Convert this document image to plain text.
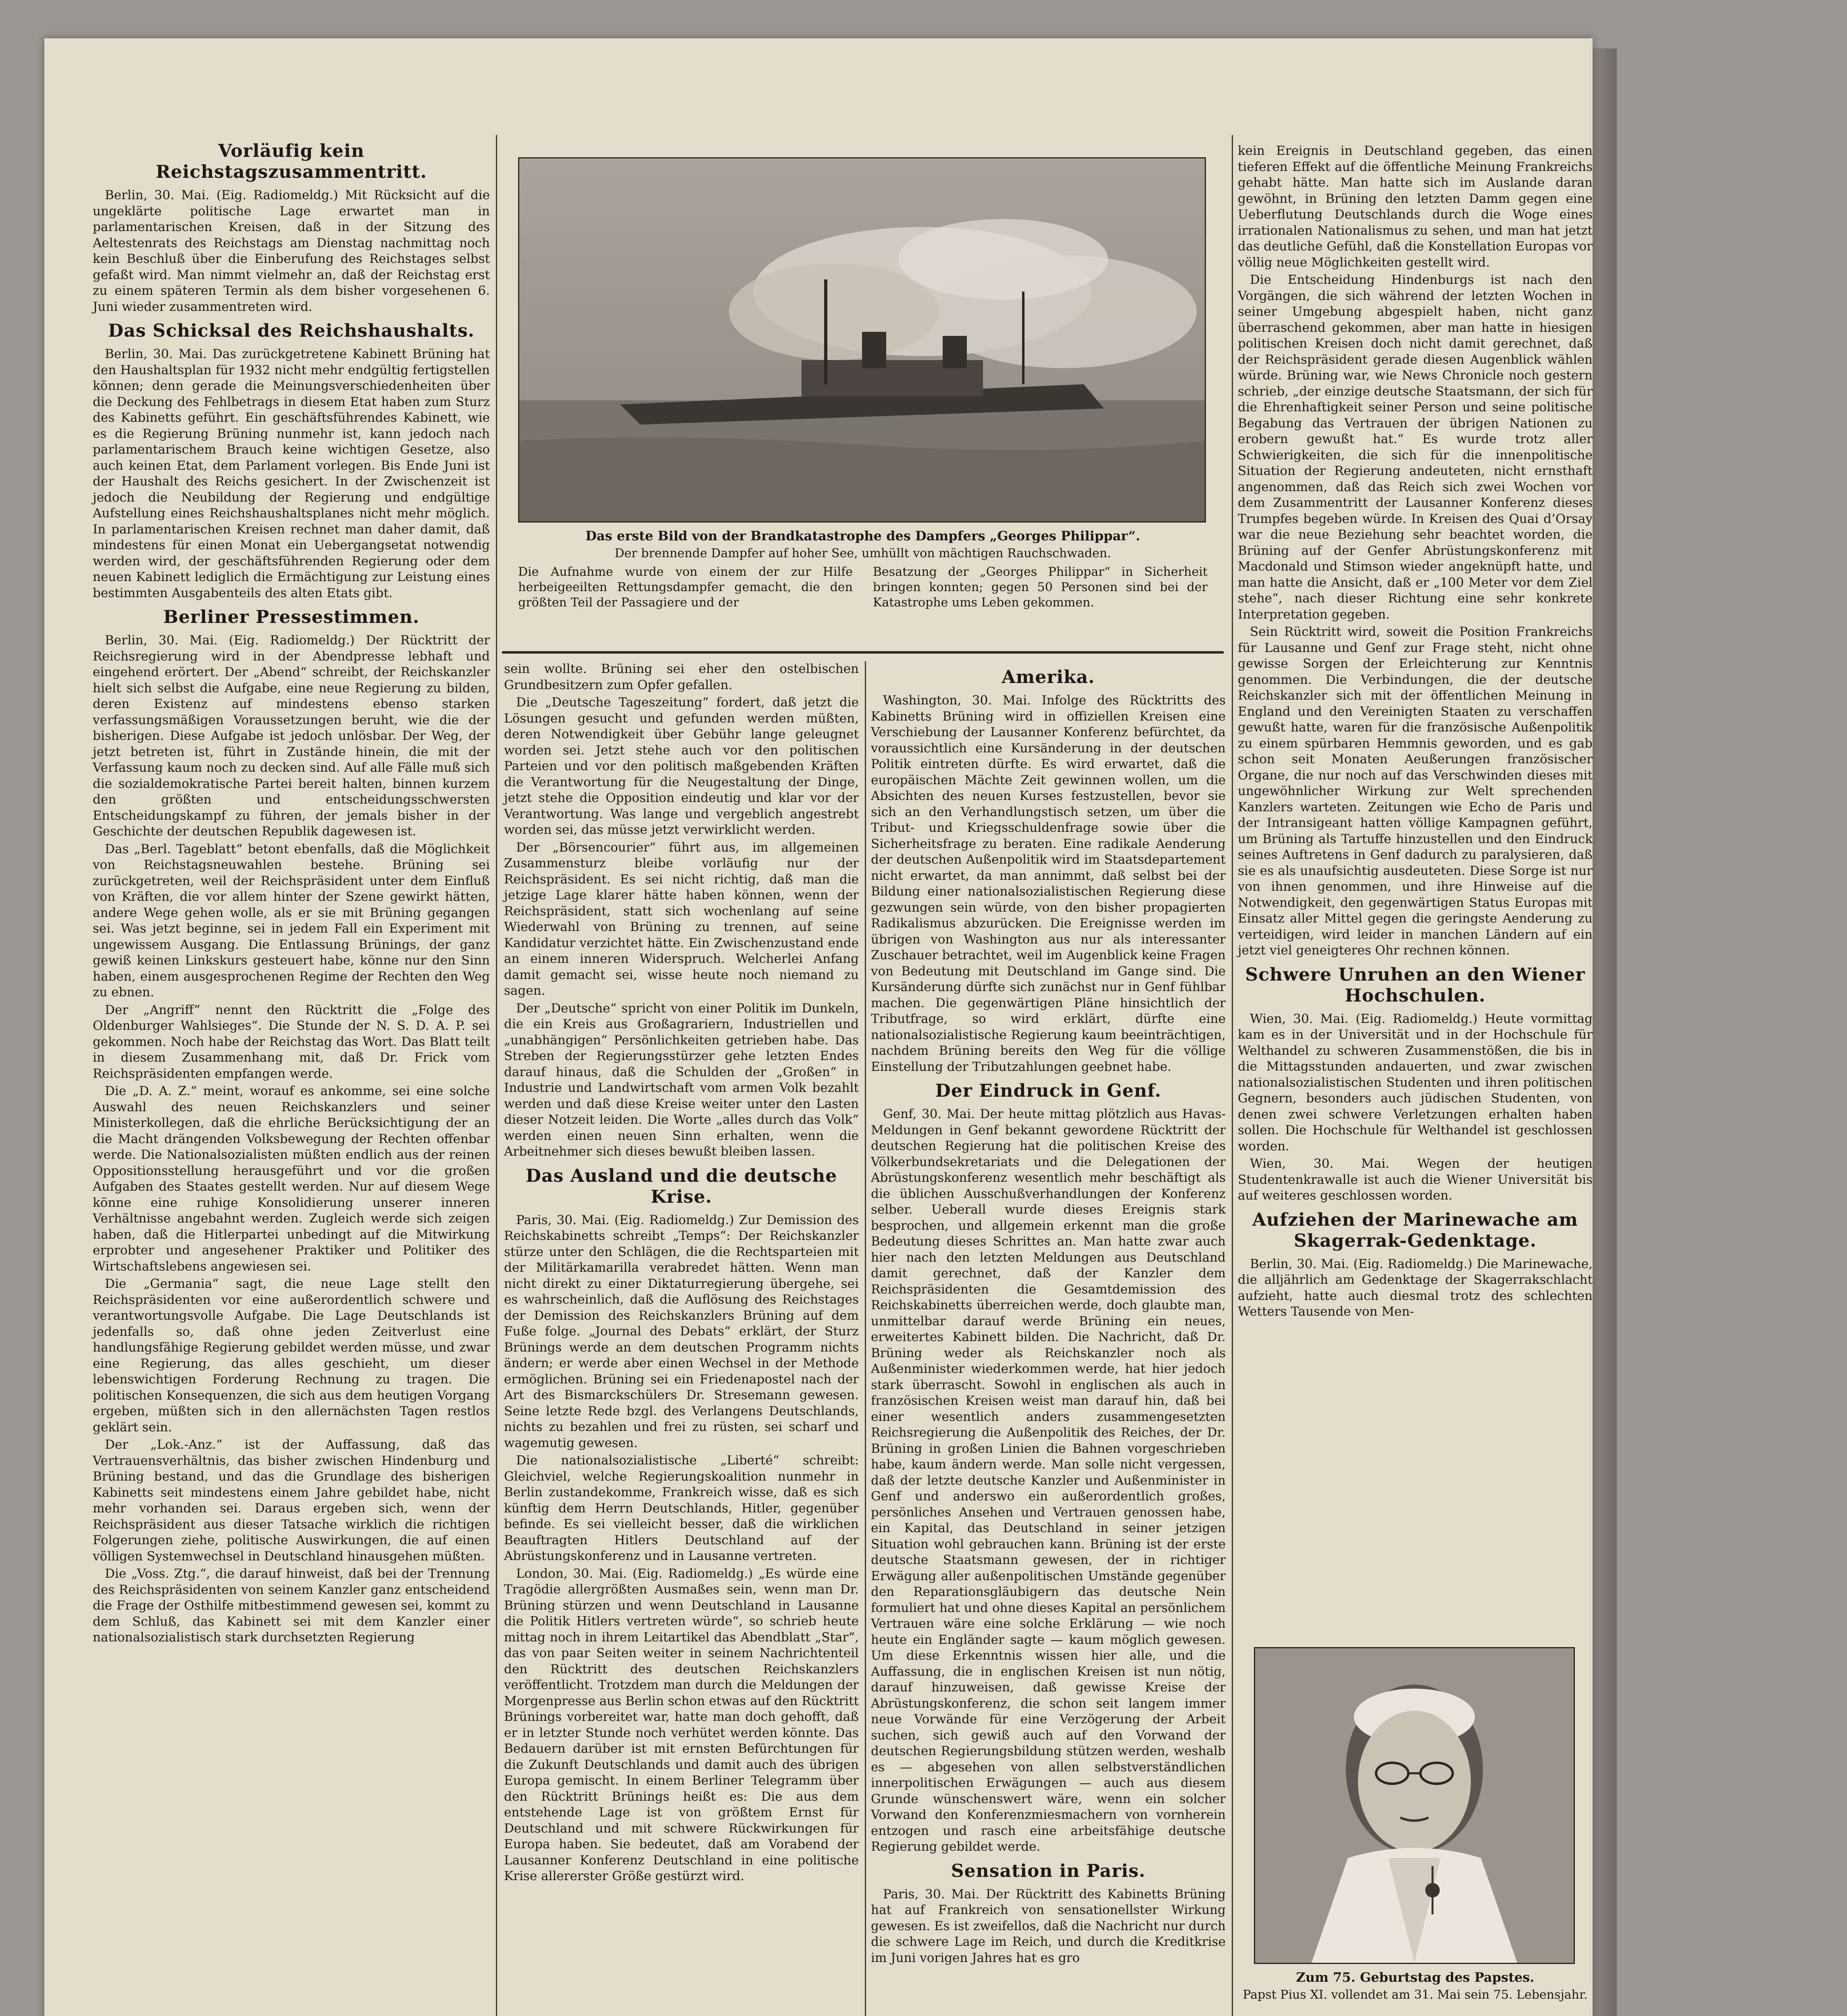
Vorläufig kein Reichstagszusammentritt.

Berlin, 30. Mai. (Eig. Radiomeldg.) Mit Rücksicht auf die ungeklärte politische Lage erwartet man in parlamentarischen Kreisen, daß in der Sitzung des Aeltestenrats des Reichstags am Dienstag nachmittag noch kein Beschluß über die Einberufung des Reichstages selbst gefaßt wird. Man nimmt vielmehr an, daß der Reichstag erst zu einem späteren Termin als dem bisher vorgesehenen 6. Juni wieder zusammentreten wird.

Das Schicksal des Reichshaushalts.

Berlin, 30. Mai. Das zurückgetretene Kabinett Brüning hat den Haushaltsplan für 1932 nicht mehr endgültig fertigstellen können; denn gerade die Meinungsverschiedenheiten über die Deckung des Fehlbetrags in diesem Etat haben zum Sturz des Kabinetts geführt. Ein geschäftsführendes Kabinett, wie es die Regierung Brüning nunmehr ist, kann jedoch nach parlamentarischem Brauch keine wichtigen Gesetze, also auch keinen Etat, dem Parlament vorlegen. Bis Ende Juni ist der Haushalt des Reichs gesichert. In der Zwischenzeit ist jedoch die Neubildung der Regierung und endgültige Aufstellung eines Reichshaushaltsplanes nicht mehr möglich. In parlamentarischen Kreisen rechnet man daher damit, daß mindestens für einen Monat ein Uebergangsetat notwendig werden wird, der geschäftsführenden Regierung oder dem neuen Kabinett lediglich die Ermächtigung zur Leistung eines bestimmten Ausgabenteils des alten Etats gibt.

Berliner Pressestimmen.

Berlin, 30. Mai. (Eig. Radiomeldg.) Der Rücktritt der Reichsregierung wird in der Abendpresse lebhaft und eingehend erörtert. Der „Abend“ schreibt, der Reichskanzler hielt sich selbst die Aufgabe, eine neue Regierung zu bilden, deren Existenz auf mindestens ebenso starken verfassungsmäßigen Voraussetzungen beruht, wie die der bisherigen. Diese Aufgabe ist jedoch unlösbar. Der Weg, der jetzt betreten ist, führt in Zustände hinein, die mit der Verfassung kaum noch zu decken sind. Auf alle Fälle muß sich die sozialdemokratische Partei bereit halten, binnen kurzem den größten und entscheidungsschwersten Entscheidungskampf zu führen, der jemals bisher in der Geschichte der deutschen Republik dagewesen ist.

Das „Berl. Tageblatt“ betont ebenfalls, daß die Möglichkeit von Reichstagsneuwahlen bestehe. Brüning sei zurückgetreten, weil der Reichspräsident unter dem Einfluß von Kräften, die vor allem hinter der Szene gewirkt hätten, andere Wege gehen wolle, als er sie mit Brüning gegangen sei. Was jetzt beginne, sei in jedem Fall ein Experiment mit ungewissem Ausgang. Die Entlassung Brünings, der ganz gewiß keinen Linkskurs gesteuert habe, könne nur den Sinn haben, einem ausgesprochenen Regime der Rechten den Weg zu ebnen.

Der „Angriff“ nennt den Rücktritt die „Folge des Oldenburger Wahlsieges“. Die Stunde der N. S. D. A. P. sei gekommen. Noch habe der Reichstag das Wort. Das Blatt teilt in diesem Zusammenhang mit, daß Dr. Frick vom Reichspräsidenten empfangen werde.

Die „D. A. Z.“ meint, worauf es ankomme, sei eine solche Auswahl des neuen Reichskanzlers und seiner Ministerkollegen, daß die ehrliche Berücksichtigung der an die Macht drängenden Volksbewegung der Rechten offenbar werde. Die Nationalsozialisten müßten endlich aus der reinen Oppositionsstellung herausgeführt und vor die großen Aufgaben des Staates gestellt werden. Nur auf diesem Wege könne eine ruhige Konsolidierung unserer inneren Verhältnisse angebahnt werden. Zugleich werde sich zeigen haben, daß die Hitlerpartei unbedingt auf die Mitwirkung erprobter und angesehener Praktiker und Politiker des Wirtschaftslebens angewiesen sei.

Die „Germania“ sagt, die neue Lage stellt den Reichspräsidenten vor eine außerordentlich schwere und verantwortungsvolle Aufgabe. Die Lage Deutschlands ist jedenfalls so, daß ohne jeden Zeitverlust eine handlungsfähige Regierung gebildet werden müsse, und zwar eine Regierung, das alles geschieht, um dieser lebenswichtigen Forderung Rechnung zu tragen. Die politischen Konsequenzen, die sich aus dem heutigen Vorgang ergeben, müßten sich in den allernächsten Tagen restlos geklärt sein.

Der „Lok.-Anz.“ ist der Auffassung, daß das Vertrauensverhältnis, das bisher zwischen Hindenburg und Brüning bestand, und das die Grundlage des bisherigen Kabinetts seit mindestens einem Jahre gebildet habe, nicht mehr vorhanden sei. Daraus ergeben sich, wenn der Reichspräsident aus dieser Tatsache wirklich die richtigen Folgerungen ziehe, politische Auswirkungen, die auf einen völligen Systemwechsel in Deutschland hinausgehen müßten.

Die „Voss. Ztg.“, die darauf hinweist, daß bei der Trennung des Reichspräsidenten von seinem Kanzler ganz entscheidend die Frage der Osthilfe mitbestimmend gewesen sei, kommt zu dem Schluß, das Kabinett sei mit dem Kanzler einer nationalsozialistisch stark durchsetzten Regierung

Das erste Bild von der Brandkatastrophe des Dampfers „Georges Philippar“.
Der brennende Dampfer auf hoher See, umhüllt von mächtigen Rauchschwaden.
Die Aufnahme wurde von einem der zur Hilfe herbeigeeilten Rettungsdampfer gemacht, die den größten Teil der Passagiere und der
Besatzung der „Georges Philippar“ in Sicherheit bringen konnten; gegen 50 Personen sind bei der Katastrophe ums Leben gekommen.

sein wollte. Brüning sei eher den ostelbischen Grundbesitzern zum Opfer gefallen.

Die „Deutsche Tageszeitung“ fordert, daß jetzt die Lösungen gesucht und gefunden werden müßten, deren Notwendigkeit über Gebühr lange geleugnet worden sei. Jetzt stehe auch vor den politischen Parteien und vor den politisch maßgebenden Kräften die Verantwortung für die Neugestaltung der Dinge, jetzt stehe die Opposition eindeutig und klar vor der Verantwortung. Was lange und vergeblich angestrebt worden sei, das müsse jetzt verwirklicht werden.

Der „Börsencourier“ führt aus, im allgemeinen Zusammensturz bleibe vorläufig nur der Reichspräsident. Es sei nicht richtig, daß man die jetzige Lage klarer hätte haben können, wenn der Reichspräsident, statt sich wochenlang auf seine Wiederwahl von Brüning zu trennen, auf seine Kandidatur verzichtet hätte. Ein Zwischenzustand ende an einem inneren Widerspruch. Welcherlei Anfang damit gemacht sei, wisse heute noch niemand zu sagen.

Der „Deutsche“ spricht von einer Politik im Dunkeln, die ein Kreis aus Großagrariern, Industriellen und „unabhängigen“ Persönlichkeiten getrieben habe. Das Streben der Regierungsstürzer gehe letzten Endes darauf hinaus, daß die Schulden der „Großen“ in Industrie und Landwirtschaft vom armen Volk bezahlt werden und daß diese Kreise weiter unter den Lasten dieser Notzeit leiden. Die Worte „alles durch das Volk“ werden einen neuen Sinn erhalten, wenn die Arbeitnehmer sich dieses bewußt bleiben lassen.

Das Ausland und die deutsche Krise.

Paris, 30. Mai. (Eig. Radiomeldg.) Zur Demission des Reichskabinetts schreibt „Temps“: Der Reichskanzler stürze unter den Schlägen, die die Rechtsparteien mit der Militärkamarilla verabredet hätten. Wenn man nicht direkt zu einer Diktaturregierung übergehe, sei es wahrscheinlich, daß die Auflösung des Reichstages der Demission des Reichskanzlers Brüning auf dem Fuße folge. „Journal des Debats“ erklärt, der Sturz Brünings werde an dem deutschen Programm nichts ändern; er werde aber einen Wechsel in der Methode ermöglichen. Brüning sei ein Friedenapostel nach der Art des Bismarckschülers Dr. Stresemann gewesen. Seine letzte Rede bzgl. des Verlangens Deutschlands, nichts zu bezahlen und frei zu rüsten, sei scharf und wagemutig gewesen.

Die nationalsozialistische „Liberté“ schreibt: Gleichviel, welche Regierungskoalition nunmehr in Berlin zustandekomme, Frankreich wisse, daß es sich künftig dem Herrn Deutschlands, Hitler, gegenüber befinde. Es sei vielleicht besser, daß die wirklichen Beauftragten Hitlers Deutschland auf der Abrüstungskonferenz und in Lausanne vertreten.

London, 30. Mai. (Eig. Radiomeldg.) „Es würde eine Tragödie allergrößten Ausmaßes sein, wenn man Dr. Brüning stürzen und wenn Deutschland in Lausanne die Politik Hitlers vertreten würde“, so schrieb heute mittag noch in ihrem Leitartikel das Abendblatt „Star“, das von paar Seiten weiter in seinem Nachrichtenteil den Rücktritt des deutschen Reichskanzlers veröffentlicht. Trotzdem man durch die Meldungen der Morgenpresse aus Berlin schon etwas auf den Rücktritt Brünings vorbereitet war, hatte man doch gehofft, daß er in letzter Stunde noch verhütet werden könnte. Das Bedauern darüber ist mit ernsten Befürchtungen für die Zukunft Deutschlands und damit auch des übrigen Europa gemischt. In einem Berliner Telegramm über den Rücktritt Brünings heißt es: Die aus dem entstehende Lage ist von größtem Ernst für Deutschland und mit schwere Rückwirkungen für Europa haben. Sie bedeutet, daß am Vorabend der Lausanner Konferenz Deutschland in eine politische Krise allererster Größe gestürzt wird.

Amerika.

Washington, 30. Mai. Infolge des Rücktritts des Kabinetts Brüning wird in offiziellen Kreisen eine Verschiebung der Lausanner Konferenz befürchtet, da voraussichtlich eine Kursänderung in der deutschen Politik eintreten dürfte. Es wird erwartet, daß die europäischen Mächte Zeit gewinnen wollen, um die Absichten des neuen Kurses festzustellen, bevor sie sich an den Verhandlungstisch setzen, um über die Tribut- und Kriegsschuldenfrage sowie über die Sicherheitsfrage zu beraten. Eine radikale Aenderung der deutschen Außenpolitik wird im Staatsdepartement nicht erwartet, da man annimmt, daß selbst bei der Bildung einer nationalsozialistischen Regierung diese gezwungen sein würde, von den bisher propagierten Radikalismus abzurücken. Die Ereignisse werden im übrigen von Washington aus nur als interessanter Zuschauer betrachtet, weil im Augenblick keine Fragen von Bedeutung mit Deutschland im Gange sind. Die Kursänderung dürfte sich zunächst nur in Genf fühlbar machen. Die gegenwärtigen Pläne hinsichtlich der Tributfrage, so wird erklärt, dürfte eine nationalsozialistische Regierung kaum beeinträchtigen, nachdem Brüning bereits den Weg für die völlige Einstellung der Tributzahlungen geebnet habe.

Der Eindruck in Genf.

Genf, 30. Mai. Der heute mittag plötzlich aus Havas-Meldungen in Genf bekannt gewordene Rücktritt der deutschen Regierung hat die politischen Kreise des Völkerbundsekretariats und die Delegationen der Abrüstungskonferenz wesentlich mehr beschäftigt als die üblichen Ausschußverhandlungen der Konferenz selber. Ueberall wurde dieses Ereignis stark besprochen, und allgemein erkennt man die große Bedeutung dieses Schrittes an. Man hatte zwar auch hier nach den letzten Meldungen aus Deutschland damit gerechnet, daß der Kanzler dem Reichspräsidenten die Gesamtdemission des Reichskabinetts überreichen werde, doch glaubte man, unmittelbar darauf werde Brüning ein neues, erweitertes Kabinett bilden. Die Nachricht, daß Dr. Brüning weder als Reichskanzler noch als Außenminister wiederkommen werde, hat hier jedoch stark überrascht. Sowohl in englischen als auch in französischen Kreisen weist man darauf hin, daß bei einer wesentlich anders zusammengesetzten Reichsregierung die Außenpolitik des Reiches, der Dr. Brüning in großen Linien die Bahnen vorgeschrieben habe, kaum ändern werde. Man solle nicht vergessen, daß der letzte deutsche Kanzler und Außenminister in Genf und anderswo ein außerordentlich großes, persönliches Ansehen und Vertrauen genossen habe, ein Kapital, das Deutschland in seiner jetzigen Situation wohl gebrauchen kann. Brüning ist der erste deutsche Staatsmann gewesen, der in richtiger Erwägung aller außenpolitischen Umstände gegenüber den Reparationsgläubigern das deutsche Nein formuliert hat und ohne dieses Kapital an persönlichem Vertrauen wäre eine solche Erklärung — wie noch heute ein Engländer sagte — kaum möglich gewesen. Um diese Erkenntnis wissen hier alle, und die Auffassung, die in englischen Kreisen ist nun nötig, darauf hinzuweisen, daß gewisse Kreise der Abrüstungskonferenz, die schon seit langem immer neue Vorwände für eine Verzögerung der Arbeit suchen, sich gewiß auch auf den Vorwand der deutschen Regierungsbildung stützen werden, weshalb es — abgesehen von allen selbstverständlichen innerpolitischen Erwägungen — auch aus diesem Grunde wünschenswert wäre, wenn ein solcher Vorwand den Konferenzmiesmachern von vornherein entzogen und rasch eine arbeitsfähige deutsche Regierung gebildet werde.

Sensation in Paris.

Paris, 30. Mai. Der Rücktritt des Kabinetts Brüning hat auf Frankreich von sensationellster Wirkung gewesen. Es ist zweifellos, daß die Nachricht nur durch die schwere Lage im Reich, und durch die Kreditkrise im Juni vorigen Jahres hat es gro

kein Ereignis in Deutschland gegeben, das einen tieferen Effekt auf die öffentliche Meinung Frankreichs gehabt hätte. Man hatte sich im Auslande daran gewöhnt, in Brüning den letzten Damm gegen eine Ueberflutung Deutschlands durch die Woge eines irrationalen Nationalismus zu sehen, und man hat jetzt das deutliche Gefühl, daß die Konstellation Europas vor völlig neue Möglichkeiten gestellt wird.

Die Entscheidung Hindenburgs ist nach den Vorgängen, die sich während der letzten Wochen in seiner Umgebung abgespielt haben, nicht ganz überraschend gekommen, aber man hatte in hiesigen politischen Kreisen doch nicht damit gerechnet, daß der Reichspräsident gerade diesen Augenblick wählen würde. Brüning war, wie News Chronicle noch gestern schrieb, „der einzige deutsche Staatsmann, der sich für die Ehrenhaftigkeit seiner Person und seine politische Begabung das Vertrauen der übrigen Nationen zu erobern gewußt hat.“ Es wurde trotz aller Schwierigkeiten, die sich für die innenpolitische Situation der Regierung andeuteten, nicht ernsthaft angenommen, daß das Reich sich zwei Wochen vor dem Zusammentritt der Lausanner Konferenz dieses Trumpfes begeben würde. In Kreisen des Quai d’Orsay war die neue Beziehung sehr beachtet worden, die Brüning auf der Genfer Abrüstungskonferenz mit Macdonald und Stimson wieder angeknüpft hatte, und man hatte die Ansicht, daß er „100 Meter vor dem Ziel stehe“, nach dieser Richtung eine sehr konkrete Interpretation gegeben.

Sein Rücktritt wird, soweit die Position Frankreichs für Lausanne und Genf zur Frage steht, nicht ohne gewisse Sorgen der Erleichterung zur Kenntnis genommen. Die Verbindungen, die der deutsche Reichskanzler sich mit der öffentlichen Meinung in England und den Vereinigten Staaten zu verschaffen gewußt hatte, waren für die französische Außenpolitik zu einem spürbaren Hemmnis geworden, und es gab schon seit Monaten Aeußerungen französischer Organe, die nur noch auf das Verschwinden dieses mit ungewöhnlicher Wirkung zur Welt sprechenden Kanzlers warteten. Zeitungen wie Echo de Paris und der Intransigeant hatten völlige Kampagnen geführt, um Brüning als Tartuffe hinzustellen und den Eindruck seines Auftretens in Genf dadurch zu paralysieren, daß sie es als unaufsichtig ausdeuteten. Diese Sorge ist nur von ihnen genommen, und ihre Hinweise auf die Notwendigkeit, den gegenwärtigen Status Europas mit Einsatz aller Mittel gegen die geringste Aenderung zu verteidigen, wird leider in manchen Ländern auf ein jetzt viel geneigteres Ohr rechnen können.

Schwere Unruhen an den Wiener Hochschulen.

Wien, 30. Mai. (Eig. Radiomeldg.) Heute vormittag kam es in der Universität und in der Hochschule für Welthandel zu schweren Zusammenstößen, die bis in die Mittagsstunden andauerten, und zwar zwischen nationalsozialistischen Studenten und ihren politischen Gegnern, besonders auch jüdischen Studenten, von denen zwei schwere Verletzungen erhalten haben sollen. Die Hochschule für Welthandel ist geschlossen worden.

Wien, 30. Mai. Wegen der heutigen Studentenkrawalle ist auch die Wiener Universität bis auf weiteres geschlossen worden.

Aufziehen der Marinewache am Skagerrak-Gedenktage.

Berlin, 30. Mai. (Eig. Radiomeldg.) Die Marinewache, die alljährlich am Gedenktage der Skagerrakschlacht aufzieht, hatte auch diesmal trotz des schlechten Wetters Tausende von Men-

Zum 75. Geburtstag des Papstes.
Papst Pius XI. vollendet am 31. Mai sein 75. Lebensjahr.
